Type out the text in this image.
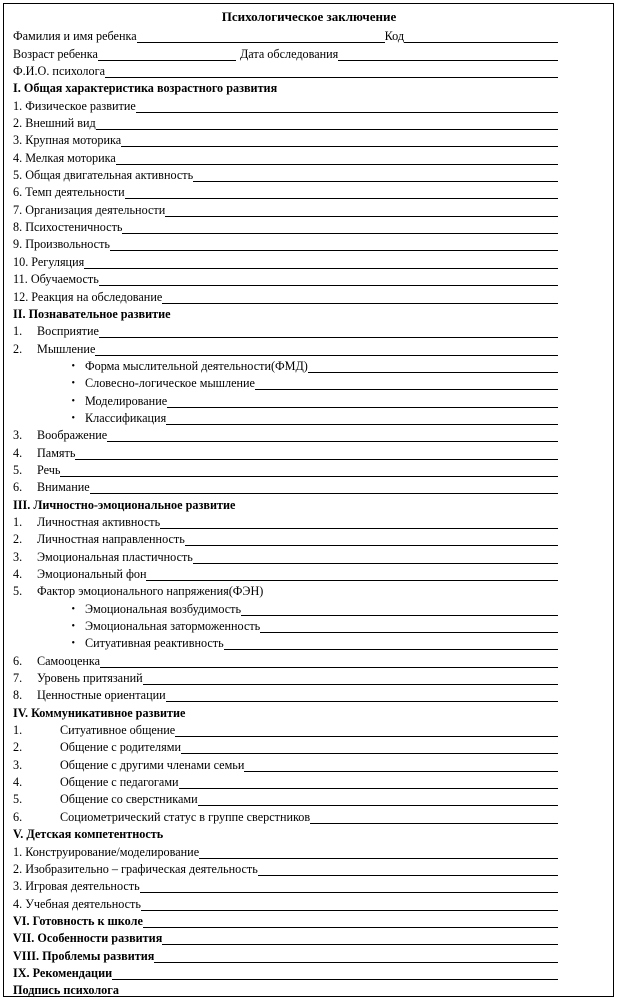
Психологическое заключение
Фамилия и имя ребенка	Код
Возраст ребенка	Дата обследования
Ф.И.О. психолога
I. Общая характеристика возрастного развития
1. Физическое развитие
2. Внешний вид
3. Крупная моторика
4. Мелкая моторика
5. Общая двигательная активность
6. Темп деятельности
7. Организация деятельности
8. Психостеничность
9. Произвольность
10. Регуляция
11. Обучаемость
12. Реакция на обследование
II. Познавательное развитие
1.	Восприятие
2.	Мышление
• Форма мыслительной деятельности(ФМД)
• Словесно-логическое мышление
• Моделирование
• Классификация
3.	Воображение
4.	Память
5.	Речь
6.	Внимание
III. Личностно-эмоциональное развитие
1.	Личностная активность
2.	Личностная направленность
3.	Эмоциональная пластичность
4.	Эмоциональный фон
5.	Фактор эмоционального напряжения(ФЭН)
• Эмоциональная возбудимость
• Эмоциональная заторможенность
• Ситуативная реактивность
6.	Самооценка
7.	Уровень притязаний
8.	Ценностные ориентации
IV. Коммуникативное развитие
1.	Ситуативное общение
2.	Общение с родителями
3.	Общение с другими членами семьи
4.	Общение с педагогами
5.	Общение со сверстниками
6.	Социометрический статус в группе сверстников
V. Детская компетентность
1. Конструирование/моделирование
2. Изобразительно – графическая деятельность
3. Игровая деятельность
4. Учебная деятельность
VI. Готовность к школе
VII. Особенности развития
VIII. Проблемы развития
IX. Рекомендации
Подпись психолога
